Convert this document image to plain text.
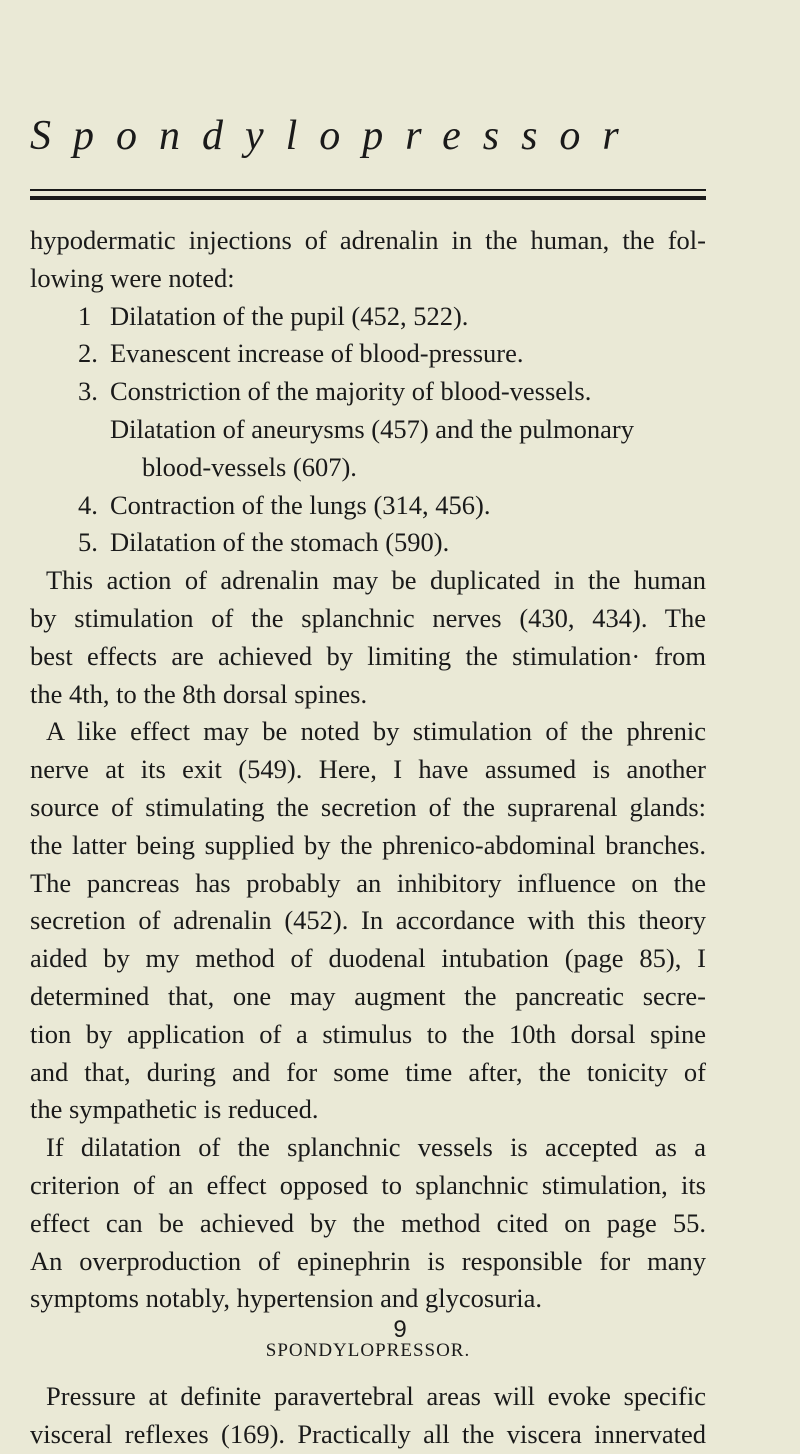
Spondylopressor
hypodermatic injections of adrenalin in the human, the fol-
lowing were noted:
1 Dilatation of the pupil (452, 522).
2. Evanescent increase of blood-pressure.
3. Constriction of the majority of blood-vessels.
Dilatation of aneurysms (457) and the pulmonary
blood-vessels (607).
4. Contraction of the lungs (314, 456).
5. Dilatation of the stomach (590).
This action of adrenalin may be duplicated in the human
by stimulation of the splanchnic nerves (430, 434). The
best effects are achieved by limiting the stimulation· from
the 4th, to the 8th dorsal spines.
A like effect may be noted by stimulation of the phrenic
nerve at its exit (549). Here, I have assumed is another
source of stimulating the secretion of the suprarenal glands:
the latter being supplied by the phrenico-abdominal branches.
The pancreas has probably an inhibitory influence on the
secretion of adrenalin (452). In accordance with this theory
aided by my method of duodenal intubation (page 85), I
determined that, one may augment the pancreatic secre-
tion by application of a stimulus to the 10th dorsal spine
and that, during and for some time after, the tonicity of
the sympathetic is reduced.
If dilatation of the splanchnic vessels is accepted as a
criterion of an effect opposed to splanchnic stimulation, its
effect can be achieved by the method cited on page 55.
An overproduction of epinephrin is responsible for many
symptoms notably, hypertension and glycosuria.
SPONDYLOPRESSOR.
Pressure at definite paravertebral areas will evoke specific
visceral reflexes (169). Practically all the viscera innervated
9
